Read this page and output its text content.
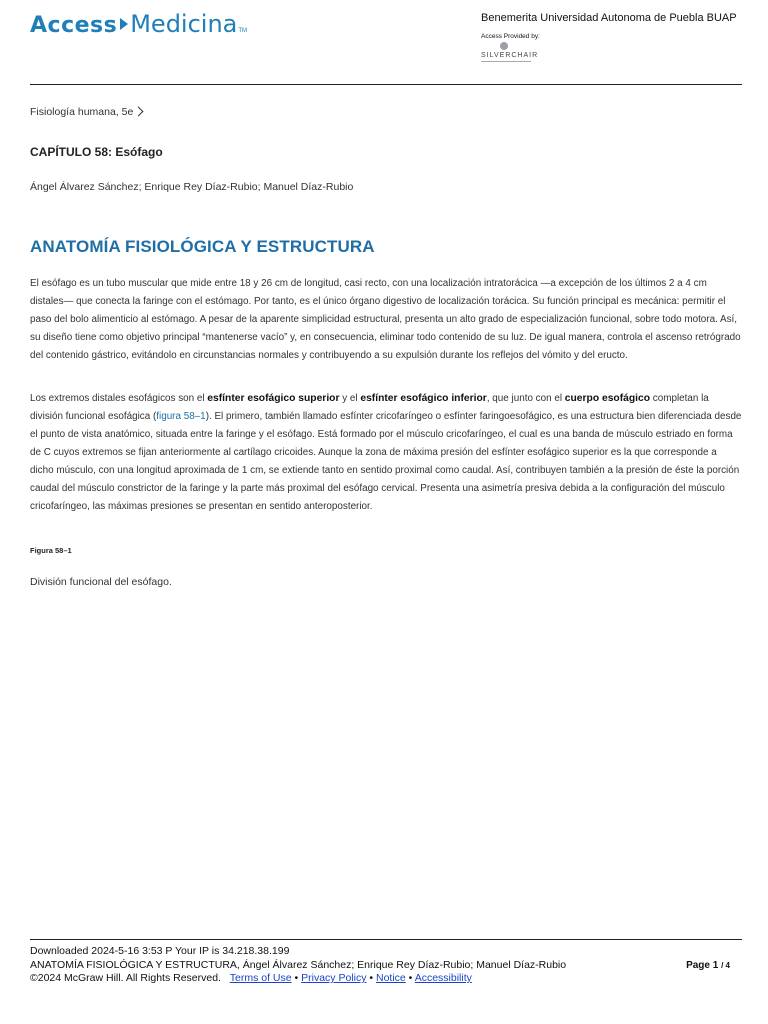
Access Medicina TM
Benemerita Universidad Autonoma de Puebla BUAP
Access Provided by:
SILVERCHAIR
Fisiología humana, 5e
CAPÍTULO 58: Esófago
Ángel Álvarez Sánchez; Enrique Rey Díaz-Rubio; Manuel Díaz-Rubio
ANATOMÍA FISIOLÓGICA Y ESTRUCTURA

El esófago es un tubo muscular que mide entre 18 y 26 cm de longitud, casi recto, con una localización intratorácica —a excepción de los últimos 2 a 4 cm distales— que conecta la faringe con el estómago. Por tanto, es el único órgano digestivo de localización torácica. Su función principal es mecánica: permitir el paso del bolo alimenticio al estómago. A pesar de la aparente simplicidad estructural, presenta un alto grado de especialización funcional, sobre todo motora. Así, su diseño tiene como objetivo principal “mantenerse vacío” y, en consecuencia, eliminar todo contenido de su luz. De igual manera, controla el ascenso retrógrado del contenido gástrico, evitándolo en circunstancias normales y contribuyendo a su expulsión durante los reflejos del vómito y del eructo.

Los extremos distales esofágicos son el esfínter esofágico superior y el esfínter esofágico inferior, que junto con el cuerpo esofágico completan la división funcional esofágica (figura 58–1). El primero, también llamado esfínter cricofaríngeo o esfínter faringoesofágico, es una estructura bien diferenciada desde el punto de vista anatómico, situada entre la faringe y el esófago. Está formado por el músculo cricofaríngeo, el cual es una banda de músculo estriado en forma de C cuyos extremos se fijan anteriormente al cartílago cricoides. Aunque la zona de máxima presión del esfínter esofágico superior es la que corresponde a dicho músculo, con una longitud aproximada de 1 cm, se extiende tanto en sentido proximal como caudal. Así, contribuyen también a la presión de éste la porción caudal del músculo constrictor de la faringe y la parte más proximal del esófago cervical. Presenta una asimetría presiva debida a la configuración del músculo cricofaríngeo, las máximas presiones se presentan en sentido anteroposterior.

Figura 58–1
División funcional del esófago.
Downloaded 2024-5-16 3:53 P Your IP is 34.218.38.199
ANATOMÍA FISIOLÓGICA Y ESTRUCTURA, Ángel Álvarez Sánchez; Enrique Rey Díaz-Rubio; Manuel Díaz-Rubio
©2024 McGraw Hill. All Rights Reserved. Terms of Use • Privacy Policy • Notice • Accessibility
Page 1 / 4
